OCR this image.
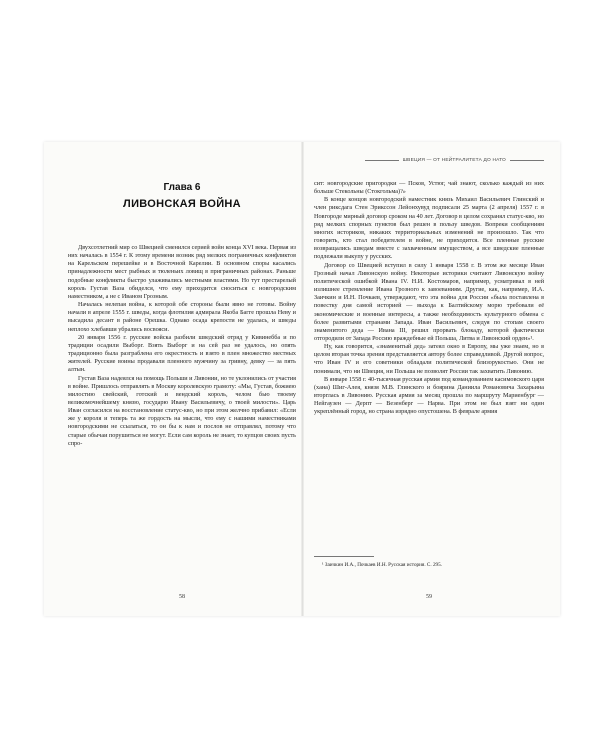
Глава 6
ЛИВОНСКАЯ ВОЙНА

Двухсотлетний мир со Швецией сменился серией войн конца XVI века. Первая из них началась в 1554 г. К этому времени возник ряд мелких пограничных конфликтов на Карельском перешейке и в Восточной Карелии. В основном споры касались принадлежности мест рыбных и тюленьих ловищ в приграничных районах. Раньше подобные конфликты быстро улаживались местными властями. Но тут престарелый король Густав Ваза обиделся, что ему приходится сноситься с новгородским наместником, а не с Иваном Грозным.

Началась нелепая война, к которой обе стороны были явно не готовы. Войну начали в апреле 1555 г. шведы, когда флотилия адмирала Якоба Багге прошла Неву и высадила десант в районе Орешка. Однако осада крепости не удалась, и шведы неплохо хлебавши убрались восвояси.

20 января 1556 г. русские войска разбили шведский отряд у Кивинебба и по традиции осадили Выборг. Взять Выборг и на сей раз не удалось, но опять традиционно была разграблена его окрестность и взято в плен множество местных жителей. Русские воины продавали пленного мужчину за гривну, девку — за пять алтын.

Густав Ваза надеялся на помощь Польши и Ливонии, но те уклонились от участия в войне. Пришлось отправлять в Москву королевскую грамоту: «Мы, Густав, божиею милостию свейский, готский и вендский король, челом бью твоему великомочнейшему князю, государю Ивану Васильевичу, о твоей милости». Царь Иван согласился на восстановление статус-кво, но при этом желчно прибавил: «Если же у короля и теперь та же гордость на мысли, что ему с нашими наместниками новгородскими не ссылаться, то он бы к нам и послов не отправлял, потому что старые обычаи порушиться не могут. Если сам король не знает, то купцов своих пусть спро-

58
ШВЕЦИЯ — ОТ НЕЙТРАЛИТЕТА ДО НАТО

сит: новгородские пригородки — Псков, Устюг, чай знают, сколько каждый из них больше Стекольны (Стокгольма)?»

В конце концов новгородский наместник князь Михаил Васильевич Глинский и член риксдага Стен Эрикссон Лейонхувуд подписали 25 марта (2 апреля) 1557 г. в Новгороде мирный договор сроком на 40 лет. Договор в целом сохранял статус-кво, но ряд мелких спорных пунктов был решен в пользу шведов. Вопреки сообщениям многих историков, никаких территориальных изменений не произошло. Так что говорить, кто стал победителем в войне, не приходится. Все пленные русские возвращались шведам вместе с захваченным имуществом, а все шведские пленные подлежали выкупу у русских.

Договор со Швецией вступил в силу 1 января 1558 г. В этом же месяце Иван Грозный начал Ливонскую войну. Некоторые историки считают Ливонскую войну политической ошибкой Ивана IV. Н.И. Костомаров, например, усматривал в ней излишнее стремление Ивана Грозного к завоеваниям. Другие, как, например, И.А. Заичкин и И.Н. Почкаев, утверждают, что эта война для России «была поставлена в повестку дня самой историей — выхода к Балтийскому морю требовали её экономические и военные интересы, а также необходимость культурного обмена с более развитыми странами Запада. Иван Васильевич, следуя по стопам своего знаменитого деда — Ивана III, решил прорвать блокаду, которой фактически отгородили от Запада Россию враждебные ей Польша, Литва и Ливонский орден»¹.

Ну, как говорится, «знаменитый дед» затеял окно в Европу, мы уже знаем, но в целом вторая точка зрения представляется автору более справедливой. Другой вопрос, что Иван IV и его советники обладали политической близорукостью. Они не понимали, что ни Швеция, ни Польша не позволят России так захватить Ливонию.

В январе 1558 г. 40-тысячная русская армия под командованием касимовского царя (хана) Шиг-Алея, князя М.В. Глинского и боярина Даниила Романовича Захарьина вторглась в Ливонию. Русская армия за месяц прошла по маршруту Мариенбург — Нейгаузен — Дерпт — Везенберг — Нарва. При этом не был взят ни один укреплённый город, но страна изрядно опустошена. В феврале армия

¹ Заичкин И.А., Почкаев И.Н. Русская история. С. 295.
59
